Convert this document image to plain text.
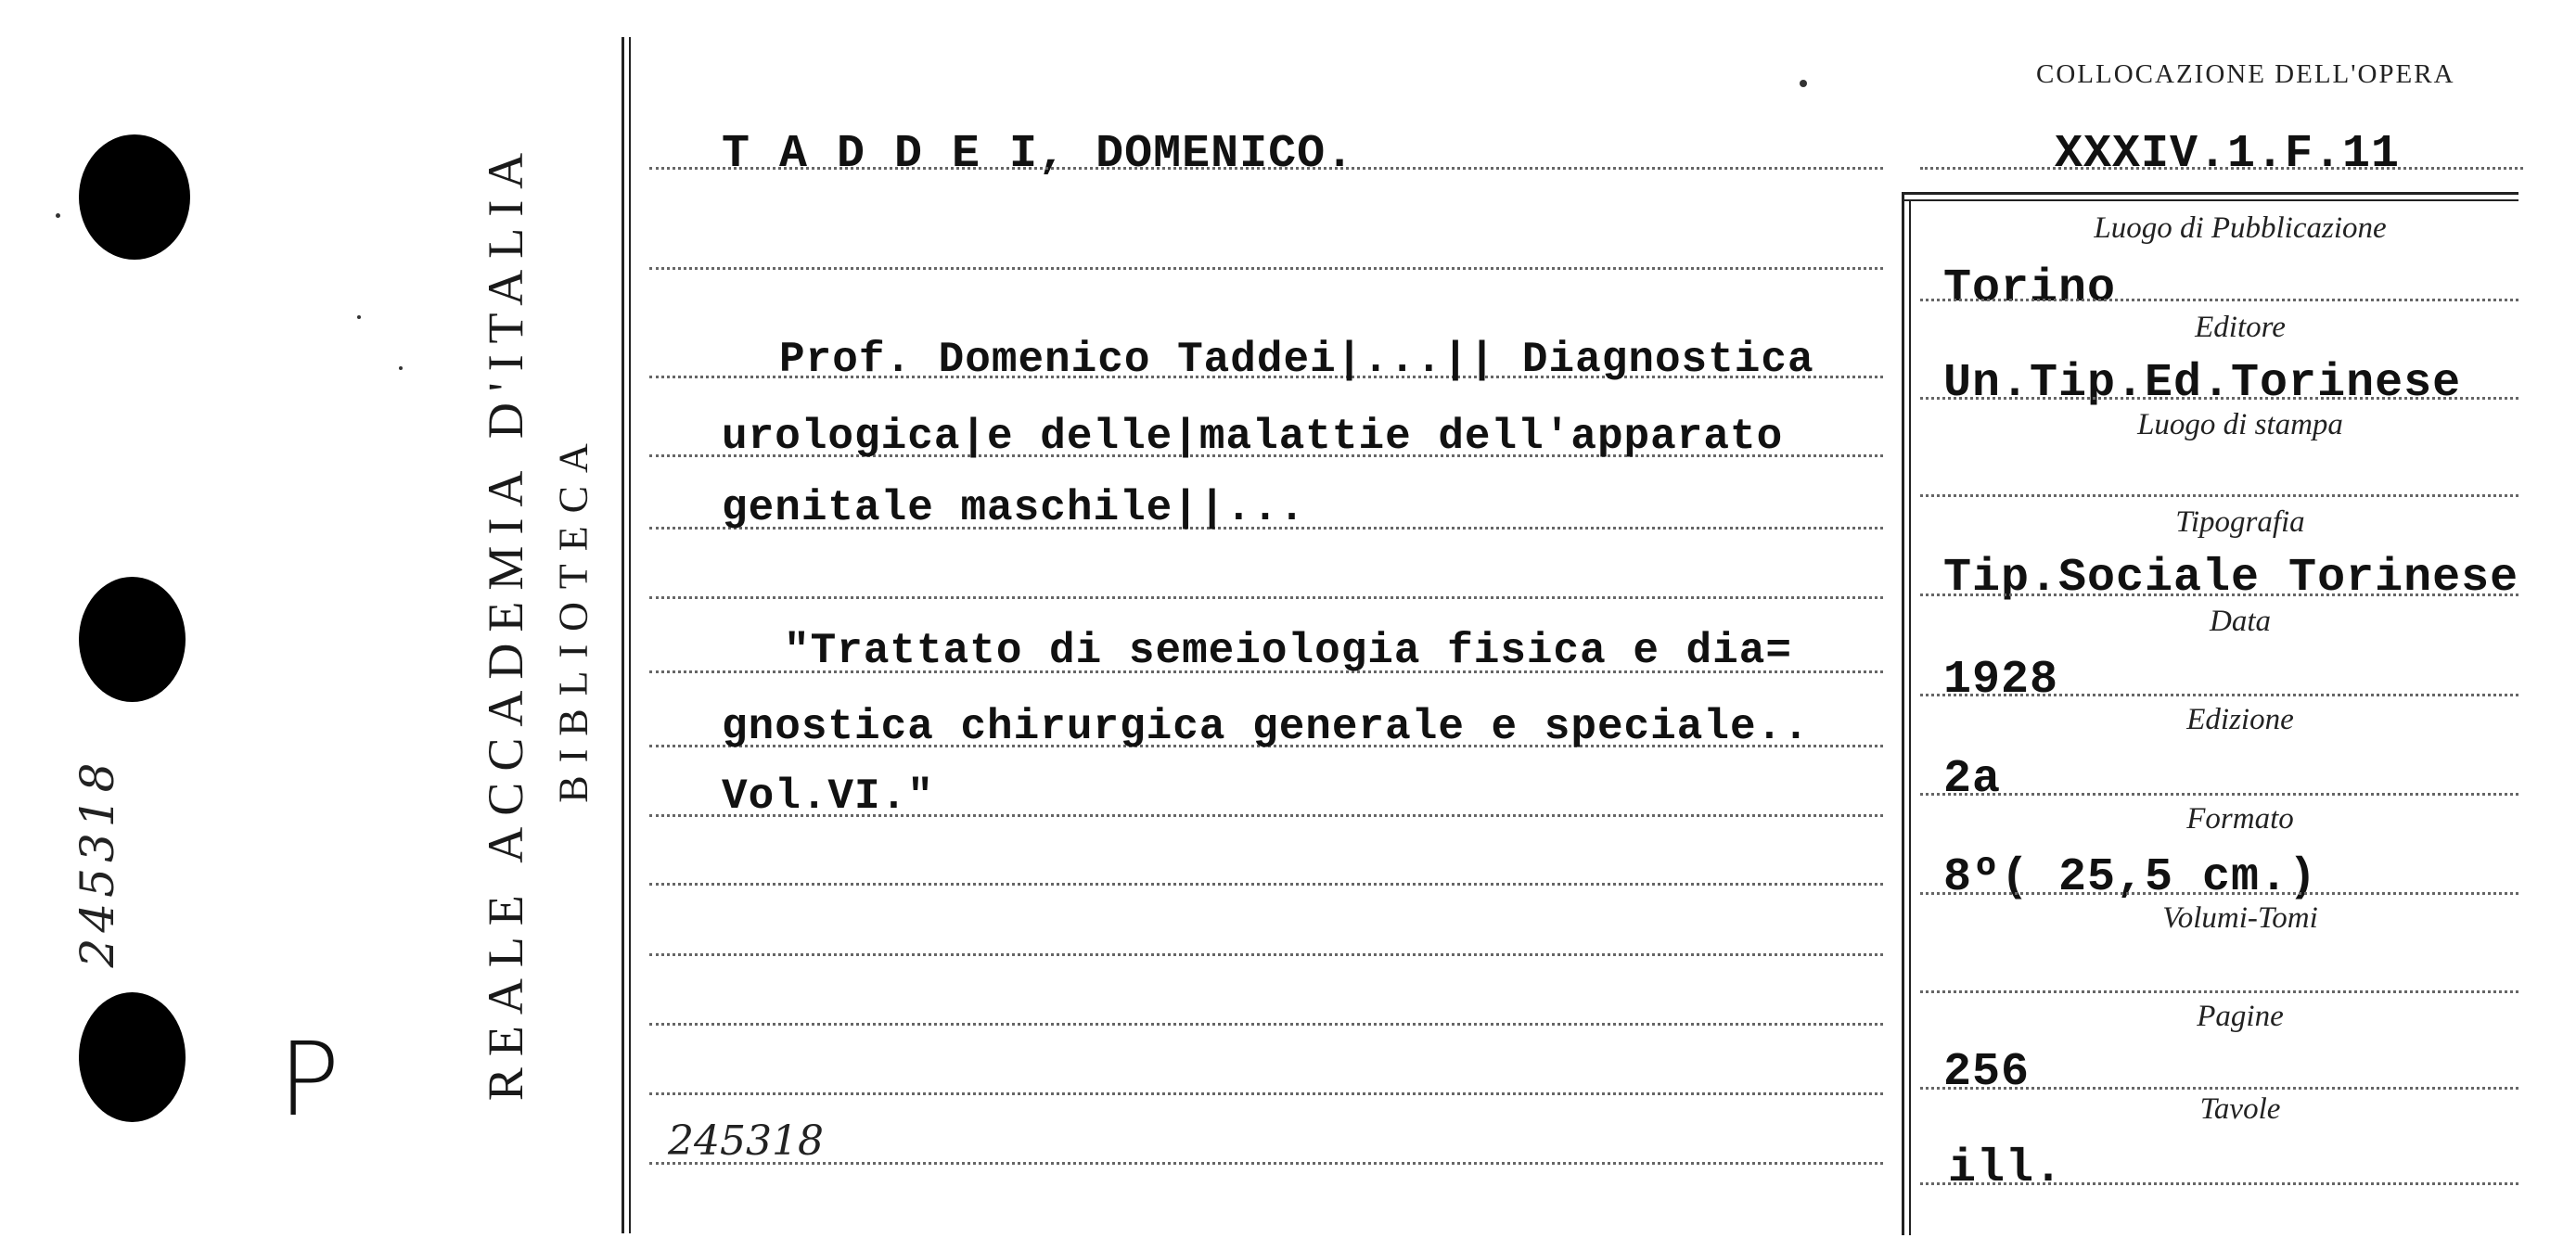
245318
P	REALE ACCADEMIA D'ITALIA BIBLIOTECA
COLLOCAZIONE DELL'OPERA
XXXIV.1.F.11
T A D D E I, DOMENICO.
Prof. Domenico Taddei|...|| Diagnostica
urologica|e delle|malattie dell'apparato
genitale maschile||...
"Trattato di semeiologia fisica e dia=
gnostica chirurgica generale e speciale..
Vol.VI."
245318
Luogo di Pubblicazione
Torino
Editore
Un.Tip.Ed.Torinese
Luogo di stampa
Tipografia
Tip.Sociale Torinese
Data
1928
Edizione
2a
Formato
8º( 25,5 cm.)
Volumi-Tomi
Pagine
256
Tavole
ill.
